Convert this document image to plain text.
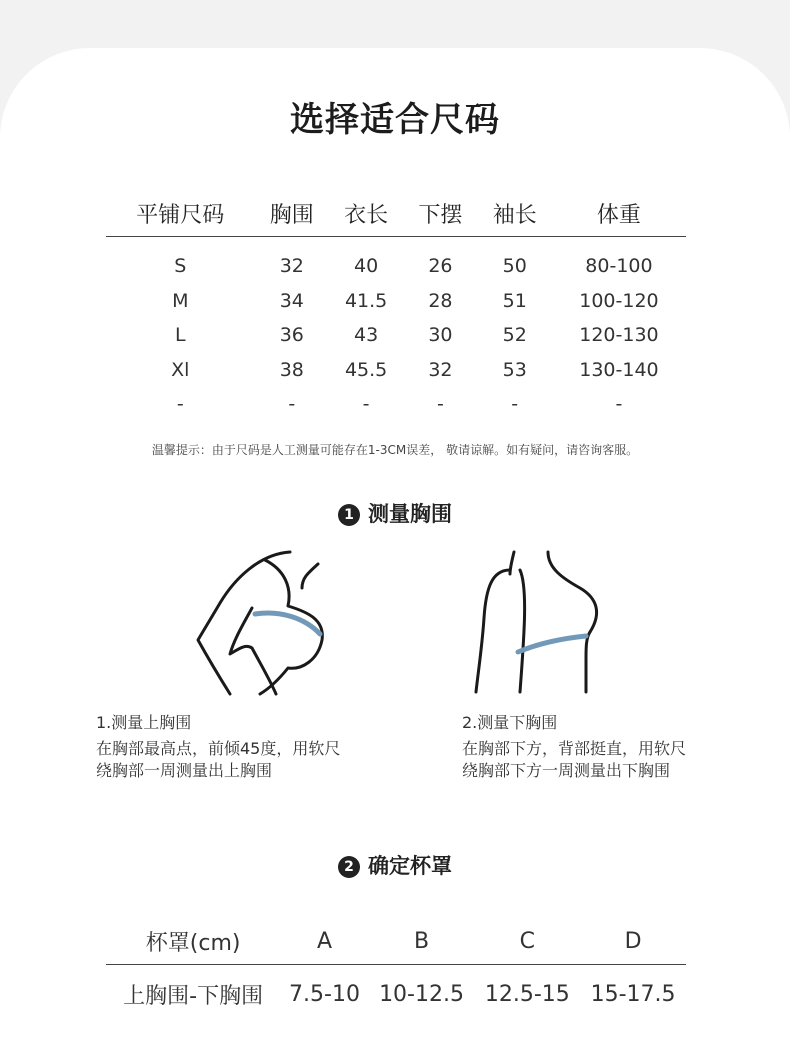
选择适合尺码
平铺尺码	胸围	衣长	下摆	袖长	体重
S	32	40	26	50	80-100
M	34	41.5	28	51	100-120
L	36	43	30	52	120-130
Xl	38	45.5	32	53	130-140
-	-	-	-	-	-
温馨提示：由于尺码是人工测量可能存在1-3CM误差， 敬请谅解。如有疑问，请咨询客服。
1 测量胸围
1.测量上胸围
在胸部最高点，前倾45度，用软尺
绕胸部一周测量出上胸围
2.测量下胸围
在胸部下方，背部挺直，用软尺
绕胸部下方一周测量出下胸围
2 确定杯罩
杯罩(cm)	A	B	C	D
上胸围-下胸围	7.5-10	10-12.5	12.5-15	15-17.5
